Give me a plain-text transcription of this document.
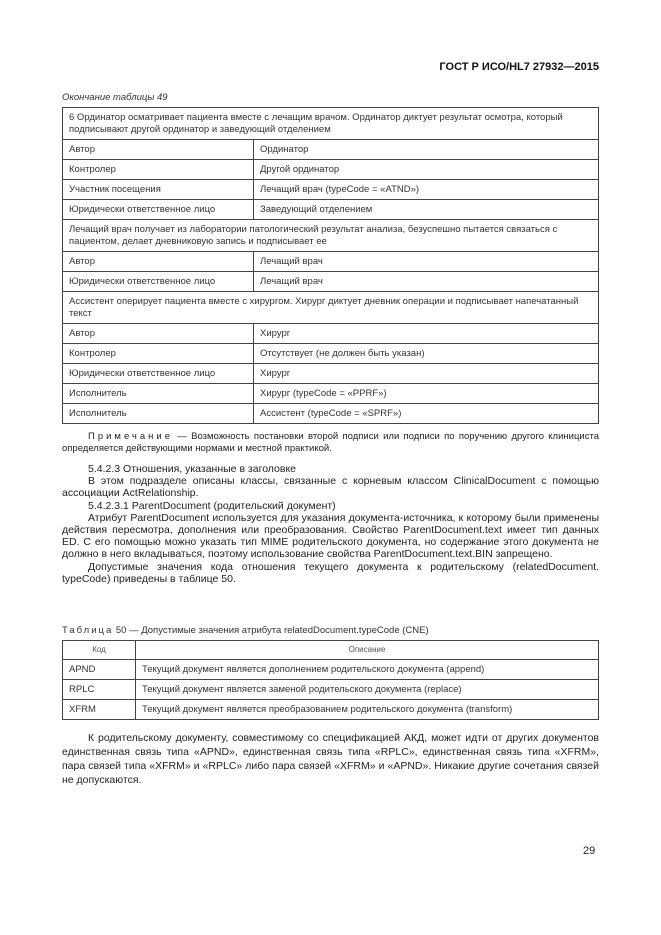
ГОСТ Р ИСО/HL7 27932—2015
Окончание таблицы 49
6 Ординатор осматривает пациента вместе с лечащим врачом. Ординатор диктует результат осмотра, который подписывают другой ординатор и заведующий отделением	
Автор	Ординатор
Контролер	Другой ординатор
Участник посещения	Лечащий врач (typeCode = «ATND»)
Юридически ответственное лицо	Заведующий отделением
Лечащий врач получает из лаборатории патологический результат анализа, безуспешно пытается связаться с пациентом, делает дневниковую запись и подписывает ее	
Автор	Лечащий врач
Юридически ответственное лицо	Лечащий врач
Ассистент оперирует пациента вместе с хирургом. Хирург диктует дневник операции и подписывает напечатанный текст	
Автор	Хирург
Контролер	Отсутствует (не должен быть указан)
Юридически ответственное лицо	Хирург
Исполнитель	Хирург (typeCode = «PPRF»)
Исполнитель	Ассистент (typeCode = «SPRF»)

Примечание — Возможность постановки второй подписи или подписи по поручению другого клинициста определяется действующими нормами и местной практикой.

5.4.2.3 Отношения, указанные в заголовке

В этом подразделе описаны классы, связанные с корневым классом ClinicalDocument с помощью ассоциации ActRelationship.

5.4.2.3.1 ParentDocument (родительский документ)

Атрибут ParentDocument используется для указания документа-источника, к которому были применены действия пересмотра, дополнения или преобразования. Свойство ParentDocument.text имеет тип данных ED. С его помощью можно указать тип MIME родительского документа, но содержание этого документа не должно в него вкладываться, поэтому использование свойства ParentDocument.text.BIN запрещено.

Допустимые значения кода отношения текущего документа к родительскому (relatedDocument. typeCode) приведены в таблице 50.

Таблица 50 — Допустимые значения атрибута relatedDocument.typeCode (CNE)
Код	Описание
APND	Текущий документ является дополнением родительского документа (append)
RPLC	Текущий документ является заменой родительского документа (replace)
XFRM	Текущий документ является преобразованием родительского документа (transform)

К родительскому документу, совместимому со спецификацией АКД, может идти от других документов единственная связь типа «APND», единственная связь типа «RPLC», единственная связь типа «XFRM», пара связей типа «XFRM» и «RPLC» либо пара связей «XFRM» и «APND». Никакие другие сочетания связей не допускаются.

29
